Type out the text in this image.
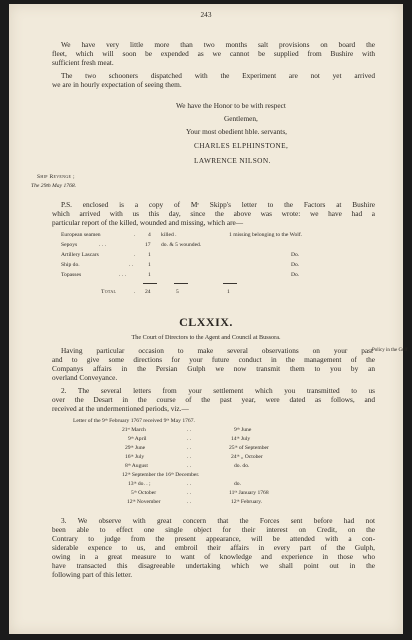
243
We have very little more than two months salt provisions on board the
fleet, which will soon be expended as we cannot be supplied from Bushire with
sufficient fresh meat.
The two schooners dispatched with the Experiment are not yet arrived
we are in hourly expectation of seeing them.
We have the Honor to be with respect
Gentlemen,
Your most obedient hble. servants,
CHARLES ELPHINSTONE,
LAWRENCE NILSON.
Ship Revenge ;
The 29th May 1768.
P.S. enclosed is a copy of Mʳ Skipp's letter to the Factors at Bushire
which arrived with us this day, since the above was wrote: we have had a
particular report of the killed, wounded and missing, which are—
European seamen	. 4 killed .	1 missing belonging to the Wolf.
Sepoys	. . .	17 do. & 5 wounded.
Artillery Lascars	. 1	Do.
Ship do.	. .	1	Do.
Topasses	. . .	1	Do.
Total	. 24	5	1
CLXXIX.
The Court of Directors to the Agent and Council at Bussora.
Having particular occasion to make several observations on your past Policy in the Gulf.
and to give some directions for your future conduct in the management of the
Companys affairs in the Persian Gulph we now transmit them to you by an
overland Conveyance.
2. The several letters from your settlement which you transmitted to us
over the Desart in the course of the past year, were dated as follows, and
received at the undermentioned periods, viz.—
Letter of the 9ᵗʰ February 1767 received 9ᵗʰ May 1767.
21ˢᵗ March	. .	9ᵗʰ June
9ᵗʰ April	. .	14ᵗʰ July
29ᵗʰ June	. .	25ᵗʰ of September
16ᵗʰ July	. .	24ᵗʰ „ October
8ᵗʰ August	. .	do. do.
12ᵗʰ September the 16ᵗʰ December.
13ᵗʰ do. . ;	. .	do.
5ᵗʰ October	. .	11ᵗʰ January 1768
12ᵗʰ November	. .	12ᵗʰ February.
3. We observe with great concern that the Forces sent before had not
been able to effect one single object for their interest on Credit, on the
Contrary to judge from the present appearance, will be attended with a con-
siderable expence to us, and embroil their affairs in every part of the Gulph,
owing in a great measure to want of knowledge and experience in those who
have transacted this disagreeable undertaking which we shall point out in the
following part of this letter.
